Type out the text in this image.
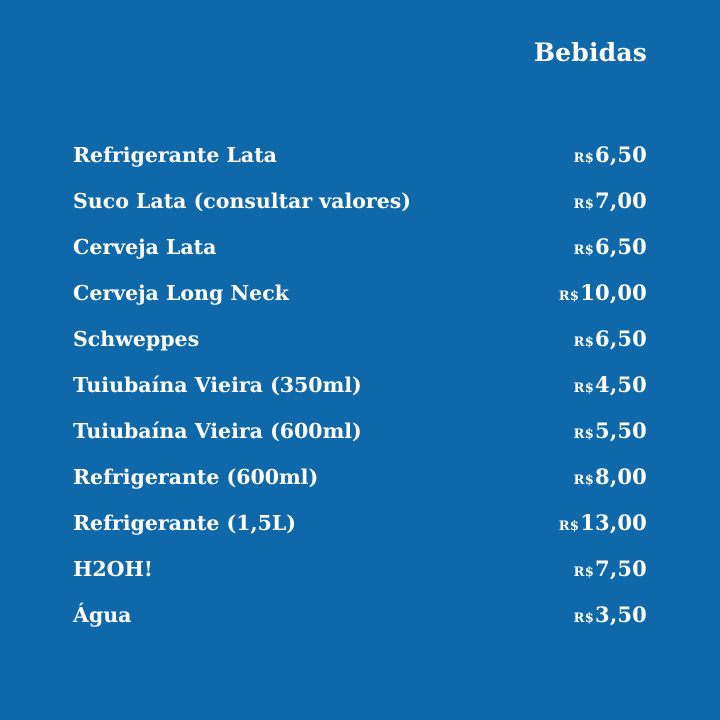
Bebidas
Refrigerante Lata	R$6,50
Suco Lata (consultar valores)	R$7,00
Cerveja Lata	R$6,50
Cerveja Long Neck	R$10,00
Schweppes	R$6,50
Tuiubaína Vieira (350ml)	R$4,50
Tuiubaína Vieira (600ml)	R$5,50
Refrigerante (600ml)	R$8,00
Refrigerante (1,5L)	R$13,00
H2OH!	R$7,50
Água	R$3,50
